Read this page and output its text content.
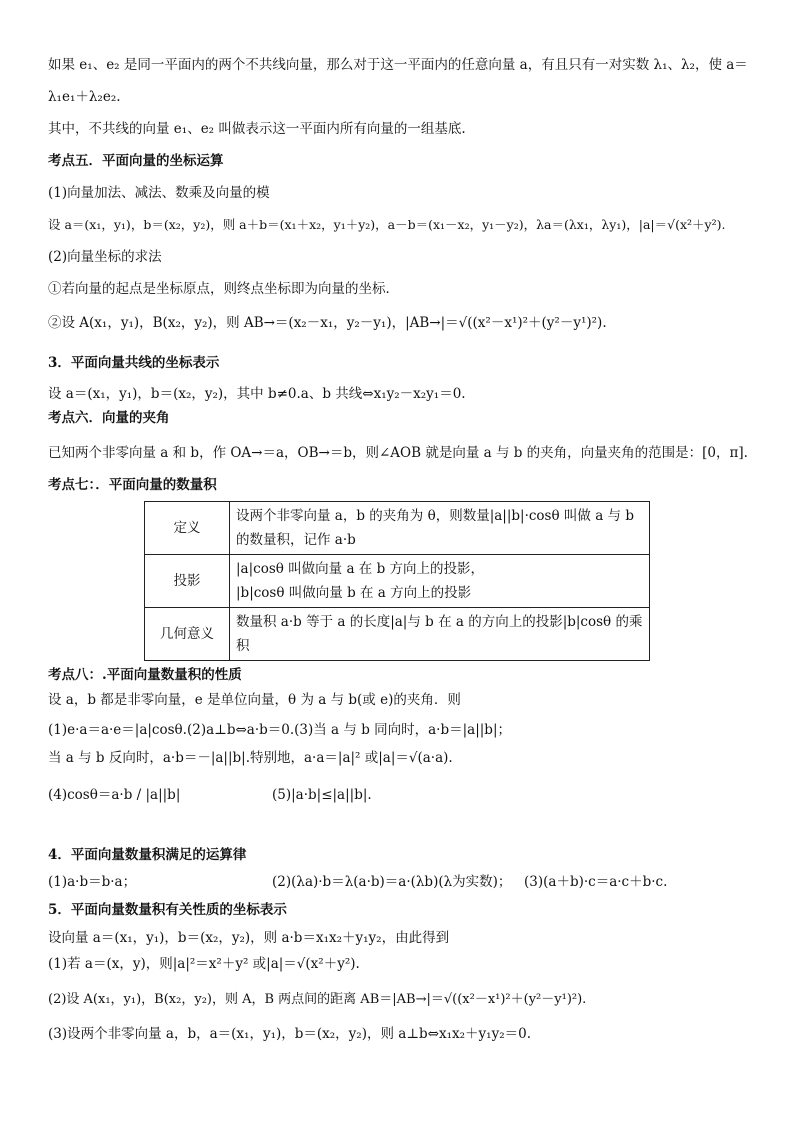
如果 e₁、e₂ 是同一平面内的两个不共线向量，那么对于这一平面内的任意向量 a，有且只有一对实数 λ₁、λ₂，使 a＝
λ₁e₁＋λ₂e₂.
其中，不共线的向量 e₁、e₂ 叫做表示这一平面内所有向量的一组基底.
考点五．平面向量的坐标运算
(1)向量加法、减法、数乘及向量的模
设 a＝(x₁，y₁)，b＝(x₂，y₂)，则 a＋b＝(x₁＋x₂，y₁＋y₂)，a－b＝(x₁－x₂，y₁－y₂)，λa＝(λx₁，λy₁)，|a|＝√(x²＋y²).
(2)向量坐标的求法
①若向量的起点是坐标原点，则终点坐标即为向量的坐标．
②设 A(x₁，y₁)，B(x₂，y₂)，则 AB→＝(x₂－x₁，y₂－y₁)，|AB→|＝√((x²－x¹)²＋(y²－y¹)²).
3．平面向量共线的坐标表示
设 a＝(x₁，y₁)，b＝(x₂，y₂)，其中 b≠0.a、b 共线⇔x₁y₂－x₂y₁＝0.
考点六．向量的夹角
已知两个非零向量 a 和 b，作 OA→＝a，OB→＝b，则∠AOB 就是向量 a 与 b 的夹角，向量夹角的范围是：[0，π].
考点七：．平面向量的数量积
定义	设两个非零向量 a，b 的夹角为 θ，则数量|a||b|·cosθ 叫做 a 与 b 的数量积，记作 a·b
投影	|a|cosθ 叫做向量 a 在 b 方向上的投影，
|b|cosθ 叫做向量 b 在 a 方向上的投影
几何意义	数量积 a·b 等于 a 的长度|a|与 b 在 a 的方向上的投影|b|cosθ 的乘积
考点八：.平面向量数量积的性质
设 a，b 都是非零向量，e 是单位向量，θ 为 a 与 b(或 e)的夹角．则
(1)e·a＝a·e＝|a|cosθ.(2)a⊥b⇔a·b＝0.(3)当 a 与 b 同向时，a·b＝|a||b|；
当 a 与 b 反向时，a·b＝－|a||b|.特别地，a·a＝|a|² 或|a|＝√(a·a).
(4)cosθ＝a·b / |a||b|	(5)|a·b|≤|a||b|.
4．平面向量数量积满足的运算律
(1)a·b＝b·a；	(2)(λa)·b＝λ(a·b)＝a·(λb)(λ为实数)； (3)(a＋b)·c＝a·c＋b·c.
5．平面向量数量积有关性质的坐标表示
设向量 a＝(x₁，y₁)，b＝(x₂，y₂)，则 a·b＝x₁x₂＋y₁y₂，由此得到
(1)若 a＝(x，y)，则|a|²＝x²＋y² 或|a|＝√(x²＋y²).
(2)设 A(x₁，y₁)，B(x₂，y₂)，则 A，B 两点间的距离 AB＝|AB→|＝√((x²－x¹)²＋(y²－y¹)²).
(3)设两个非零向量 a，b，a＝(x₁，y₁)，b＝(x₂，y₂)，则 a⊥b⇔x₁x₂＋y₁y₂＝0.
